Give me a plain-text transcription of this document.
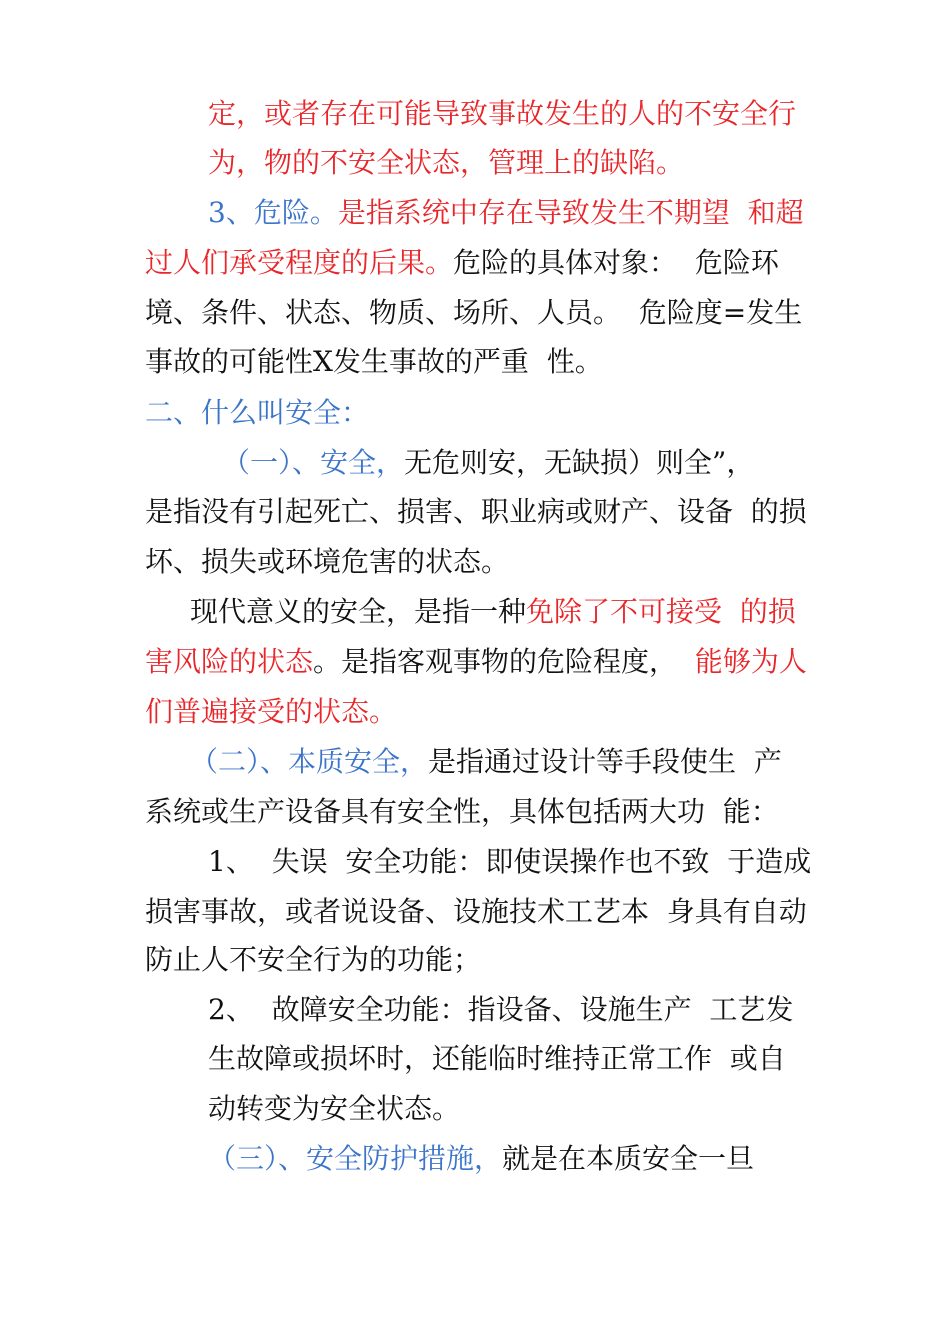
定，或者存在可能导致事故发生的人的不安全行
为，物的不安全状态，管理上的缺陷。
3、危险。是指系统中存在导致发生不期望  和超
过人们承受程度的后果。危险的具体对象：  危险环
境、条件、状态、物质、场所、人员。  危险度=发生
事故的可能性X发生事故的严重  性。
二、什么叫安全：
（一）、安全，无危则安，无缺损）则全”，
是指没有引起死亡、损害、职业病或财产、设备  的损
坏、损失或环境危害的状态。
现代意义的安全，是指一种免除了不可接受  的损
害风险的状态。是指客观事物的危险程度，  能够为人
们普遍接受的状态。
（二）、本质安全，是指通过设计等手段使生  产
系统或生产设备具有安全性，具体包括两大功  能：
1、  失误  安全功能：即使误操作也不致  于造成
损害事故，或者说设备、设施技术工艺本  身具有自动
防止人不安全行为的功能；
2、  故障安全功能：指设备、设施生产  工艺发
生故障或损坏时，还能临时维持正常工作  或自
动转变为安全状态。
（三）、安全防护措施，就是在本质安全一旦
